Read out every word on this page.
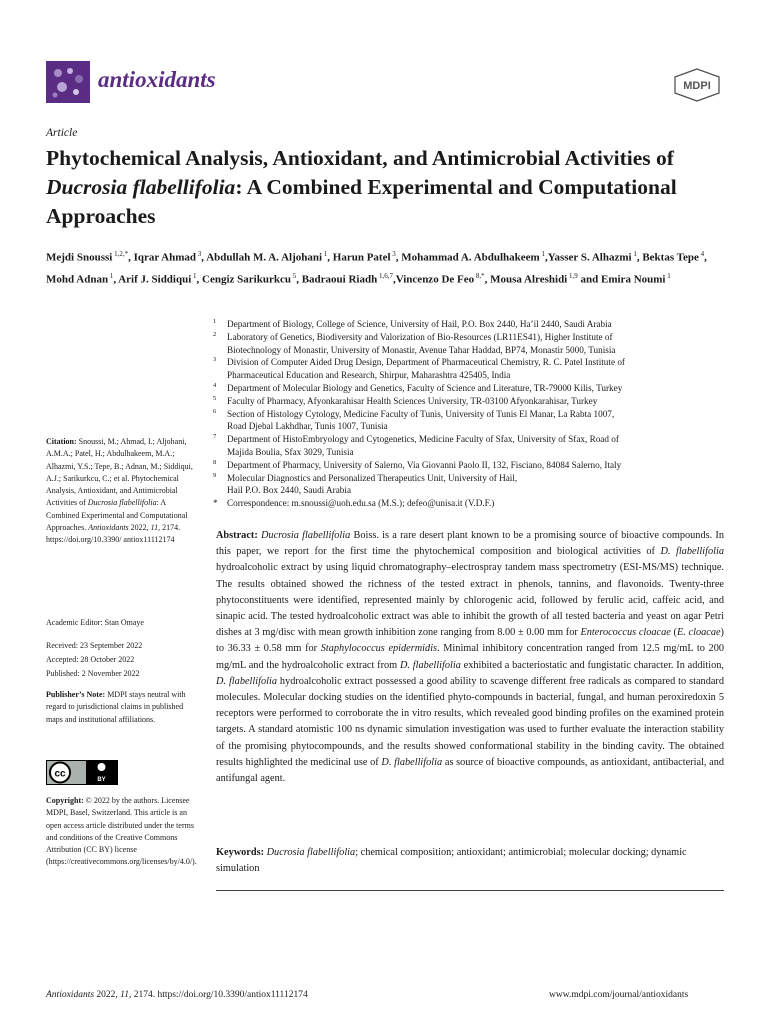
antioxidants	MDPI
Article
Phytochemical Analysis, Antioxidant, and Antimicrobial Activities of Ducrosia flabellifolia: A Combined Experimental and Computational Approaches
Mejdi Snoussi $^{1,2,*}$, Iqrar Ahmad $^3$, Abdullah M. A. Aljohani $^1$, Harun Patel $^3$, Mohammad A. Abdulhakeem $^1$,Yasser S. Alhazmi $^1$, Bektas Tepe $^4$, Mohd Adnan $^1$, Arif J. Siddiqui $^1$, Cengiz Sarikurkcu $^5$, Badraoui Riadh $^{1,6,7}$,Vincenzo De Feo $^{8,*}$, Mousa Alreshidi $^{1,9}$ and Emira Noumi $^1$
1 Department of Biology, College of Science, University of Hail, P.O. Box 2440, Ha’il 2440, Saudi Arabia
2 Laboratory of Genetics, Biodiversity and Valorization of Bio-Resources (LR11ES41), Higher Institute of
Biotechnology of Monastir, University of Monastir, Avenue Tahar Haddad, BP74, Monastir 5000, Tunisia
3 Division of Computer Aided Drug Design, Department of Pharmaceutical Chemistry, R. C. Patel Institute of
Pharmaceutical Education and Research, Shirpur, Maharashtra 425405, India
4 Department of Molecular Biology and Genetics, Faculty of Science and Literature, TR-79000 Kilis, Turkey
5 Faculty of Pharmacy, Afyonkarahisar Health Sciences University, TR-03100 Afyonkarahisar, Turkey
6 Section of Histology Cytology, Medicine Faculty of Tunis, University of Tunis El Manar, La Rabta 1007,
Road Djebal Lakhdhar, Tunis 1007, Tunisia
7 Department of HistoEmbryology and Cytogenetics, Medicine Faculty of Sfax, University of Sfax, Road of
Majida Boulia, Sfax 3029, Tunisia
8 Department of Pharmacy, University of Salerno, Via Giovanni Paolo II, 132, Fisciano, 84084 Salerno, Italy
9 Molecular Diagnostics and Personalized Therapeutics Unit, University of Hail,
Hail P.O. Box 2440, Saudi Arabia
* Correspondence: m.snoussi@uoh.edu.sa (M.S.); defeo@unisa.it (V.D.F.)
Citation: Snoussi, M.; Ahmad, I.; Aljohani, A.M.A.; Patel, H.; Abdulhakeem, M.A.; Alhazmi, Y.S.; Tepe, B.; Adnan, M.; Siddiqui, A.J.; Sarikurkcu, C.; et al. Phytochemical Analysis, Antioxidant, and Antimicrobial Activities of Ducrosia flabellifolia: A Combined Experimental and Computational Approaches. Antioxidants 2022, 11, 2174. https://doi.org/10.3390/ antiox11112174
Academic Editor: Stan Omaye
Received: 23 September 2022
Accepted: 28 October 2022
Published: 2 November 2022
Publisher’s Note: MDPI stays neutral with regard to jurisdictional claims in published maps and institutional affiliations.
cc
BY
Copyright: © 2022 by the authors. Licensee MDPI, Basel, Switzerland. This article is an open access article distributed under the terms and conditions of the Creative Commons Attribution (CC BY) license (https://creativecommons.org/licenses/by/4.0/).
Abstract: Ducrosia flabellifolia Boiss. is a rare desert plant known to be a promising source of bioactive compounds. In this paper, we report for the first time the phytochemical composition and biological activities of D. flabellifolia hydroalcoholic extract by using liquid chromatography–electrospray tandem mass spectrometry (ESI-MS/MS) technique. The results obtained showed the richness of the tested extract in phenols, tannins, and flavonoids. Twenty-three phytoconstituents were identified, represented mainly by chlorogenic acid, followed by ferulic acid, caffeic acid, and sinapic acid. The tested hydroalcoholic extract was able to inhibit the growth of all tested bacteria and yeast on agar Petri dishes at 3 mg/disc with mean growth inhibition zone ranging from 8.00 ± 0.00 mm for Enterococcus cloacae (E. cloacae) to 36.33 ± 0.58 mm for Staphylococcus epidermidis. Minimal inhibitory concentration ranged from 12.5 mg/mL to 200 mg/mL and the hydroalcoholic extract from D. flabellifolia exhibited a bacteriostatic and fungistatic character. In addition, D. flabellifolia hydroalcoholic extract possessed a good ability to scavenge different free radicals as compared to standard molecules. Molecular docking studies on the identified phyto-compounds in bacterial, fungal, and human peroxiredoxin 5 receptors were performed to corroborate the in vitro results, which revealed good binding profiles on the examined protein targets. A standard atomistic 100 ns dynamic simulation investigation was used to further evaluate the interaction stability of the promising phytocompounds, and the results showed conformational stability in the binding cavity. The obtained results highlighted the medicinal use of D. flabellifolia as source of bioactive compounds, as antioxidant, antibacterial, and antifungal agent.
Keywords: Ducrosia flabellifolia; chemical composition; antioxidant; antimicrobial; molecular docking; dynamic simulation
Antioxidants 2022, 11, 2174. https://doi.org/10.3390/antiox11112174	www.mdpi.com/journal/antioxidants
